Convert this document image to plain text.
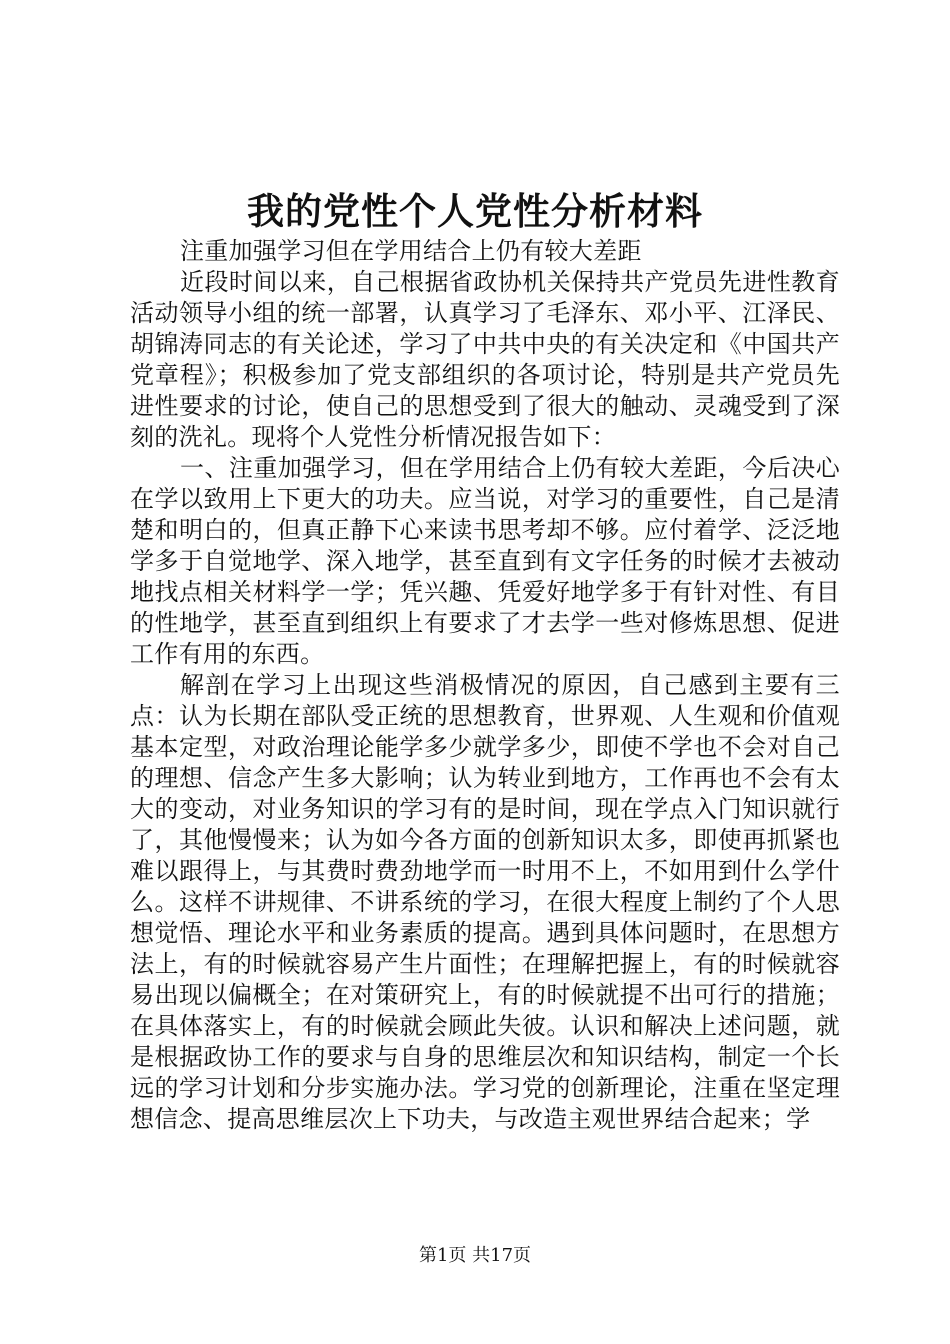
我的党性个人党性分析材料

注重加强学习但在学用结合上仍有较大差距

近段时间以来，自己根据省政协机关保持共产党员先进性教育活动领导小组的统一部署，认真学习了毛泽东、邓小平、江泽民、胡锦涛同志的有关论述，学习了中共中央的有关决定和《中国共产党章程》；积极参加了党支部组织的各项讨论，特别是共产党员先进性要求的讨论，使自己的思想受到了很大的触动、灵魂受到了深刻的洗礼。现将个人党性分析情况报告如下：

一、注重加强学习，但在学用结合上仍有较大差距，今后决心在学以致用上下更大的功夫。应当说，对学习的重要性，自己是清楚和明白的，但真正静下心来读书思考却不够。应付着学、泛泛地学多于自觉地学、深入地学，甚至直到有文字任务的时候才去被动地找点相关材料学一学；凭兴趣、凭爱好地学多于有针对性、有目的性地学，甚至直到组织上有要求了才去学一些对修炼思想、促进工作有用的东西。

解剖在学习上出现这些消极情况的原因，自己感到主要有三点：认为长期在部队受正统的思想教育，世界观、人生观和价值观基本定型，对政治理论能学多少就学多少，即使不学也不会对自己的理想、信念产生多大影响；认为转业到地方，工作再也不会有太大的变动，对业务知识的学习有的是时间，现在学点入门知识就行了，其他慢慢来；认为如今各方面的创新知识太多，即使再抓紧也难以跟得上，与其费时费劲地学而一时用不上，不如用到什么学什么。这样不讲规律、不讲系统的学习，在很大程度上制约了个人思想觉悟、理论水平和业务素质的提高。遇到具体问题时，在思想方法上，有的时候就容易产生片面性；在理解把握上，有的时候就容易出现以偏概全；在对策研究上，有的时候就提不出可行的措施；在具体落实上，有的时候就会顾此失彼。认识和解决上述问题，就是根据政协工作的要求与自身的思维层次和知识结构，制定一个长远的学习计划和分步实施办法。学习党的创新理论，注重在坚定理想信念、提高思维层次上下功夫，与改造主观世界结合起来；学

第1页 共17页
